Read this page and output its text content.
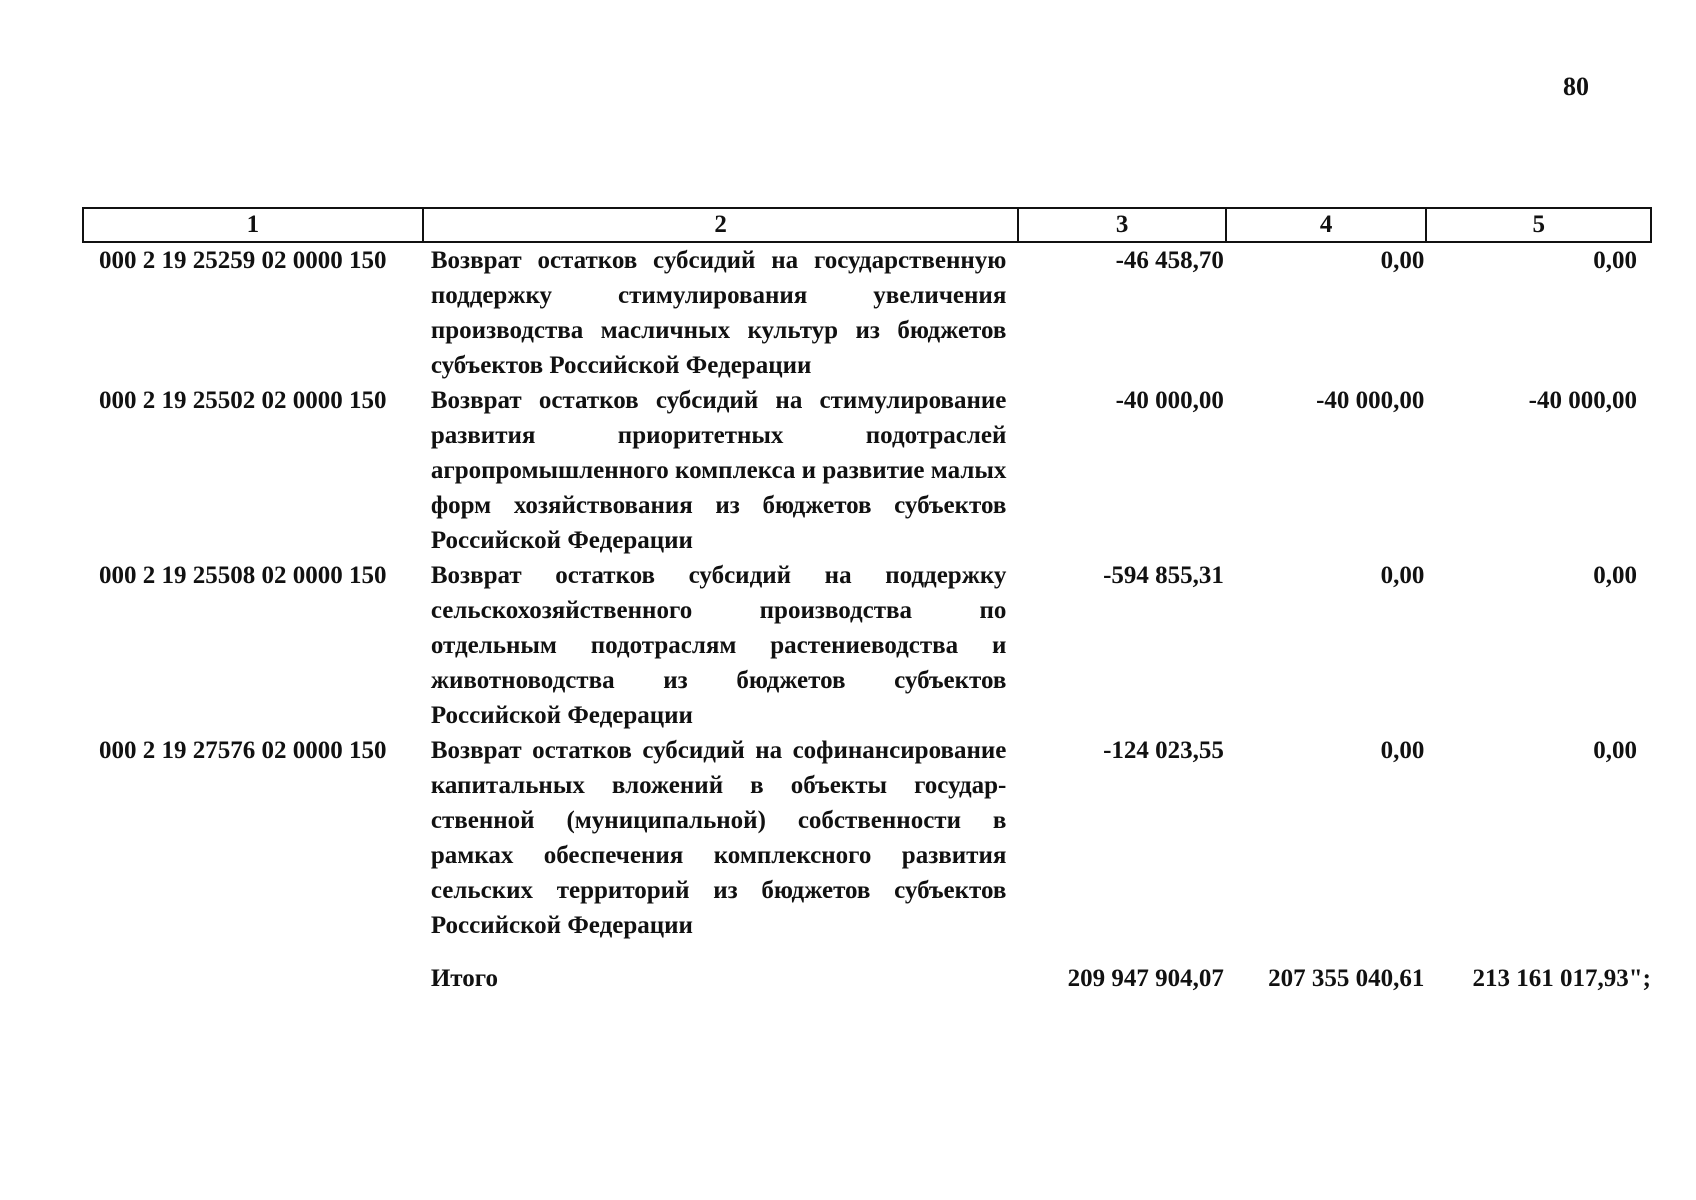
80
1	2	3	4	5
000 2 19 25259 02 0000 150	Возврат остатков субсидий на государственную поддержку стимулирования увеличения производства масличных культур из бюджетов субъектов Российской Федерации	-46 458,70	0,00	0,00
000 2 19 25502 02 0000 150	Возврат остатков субсидий на стимулирование развития приоритетных подотраслей агропромышленного комплекса и развитие малых форм хозяйствования из бюджетов субъектов Российской Федерации	-40 000,00	-40 000,00	-40 000,00
000 2 19 25508 02 0000 150	Возврат остатков субсидий на поддержку сельскохозяйственного производства по отдельным подотраслям растениеводства и животноводства из бюджетов субъектов Российской Федерации	-594 855,31	0,00	0,00
000 2 19 27576 02 0000 150	Возврат остатков субсидий на софинансирование капитальных вложений в объекты государ-ственной (муниципальной) собственности в рамках обеспечения комплексного развития сельских территорий из бюджетов субъектов Российской Федерации	-124 023,55	0,00	0,00
	Итого	209 947 904,07	207 355 040,61	213 161 017,93";
